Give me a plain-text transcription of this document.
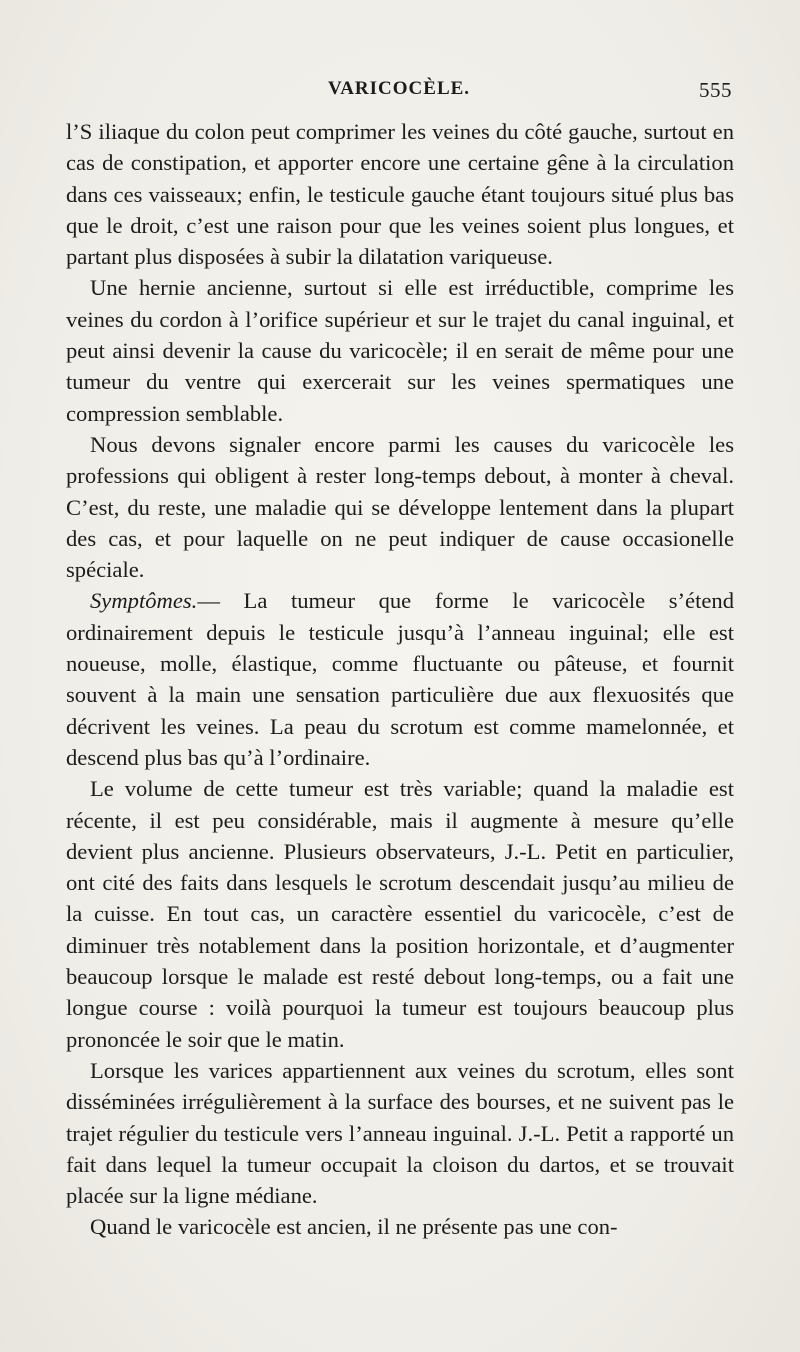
VARICOCÈLE.	555

l’S iliaque du colon peut comprimer les veines du côté gauche, surtout en cas de constipation, et apporter encore une certaine gêne à la circulation dans ces vaisseaux; enfin, le testicule gauche étant toujours situé plus bas que le droit, c’est une raison pour que les veines soient plus longues, et partant plus disposées à subir la dilatation variqueuse.

Une hernie ancienne, surtout si elle est irréductible, comprime les veines du cordon à l’orifice supérieur et sur le trajet du canal inguinal, et peut ainsi devenir la cause du varicocèle; il en serait de même pour une tumeur du ventre qui exercerait sur les veines spermatiques une compression semblable.

Nous devons signaler encore parmi les causes du varicocèle les professions qui obligent à rester long-temps debout, à monter à cheval. C’est, du reste, une maladie qui se développe lentement dans la plupart des cas, et pour laquelle on ne peut indiquer de cause occasionelle spéciale.

Symptômes.— La tumeur que forme le varicocèle s’étend ordinairement depuis le testicule jusqu’à l’anneau inguinal; elle est noueuse, molle, élastique, comme fluctuante ou pâteuse, et fournit souvent à la main une sensation particulière due aux flexuosités que décrivent les veines. La peau du scrotum est comme mamelonnée, et descend plus bas qu’à l’ordinaire.

Le volume de cette tumeur est très variable; quand la maladie est récente, il est peu considérable, mais il augmente à mesure qu’elle devient plus ancienne. Plusieurs observateurs, J.-L. Petit en particulier, ont cité des faits dans lesquels le scrotum descendait jusqu’au milieu de la cuisse. En tout cas, un caractère essentiel du varicocèle, c’est de diminuer très notablement dans la position horizontale, et d’augmenter beaucoup lorsque le malade est resté debout long-temps, ou a fait une longue course : voilà pourquoi la tumeur est toujours beaucoup plus prononcée le soir que le matin.

Lorsque les varices appartiennent aux veines du scrotum, elles sont disséminées irrégulièrement à la surface des bourses, et ne suivent pas le trajet régulier du testicule vers l’anneau inguinal. J.-L. Petit a rapporté un fait dans lequel la tumeur occupait la cloison du dartos, et se trouvait placée sur la ligne médiane.

Quand le varicocèle est ancien, il ne présente pas une con-
